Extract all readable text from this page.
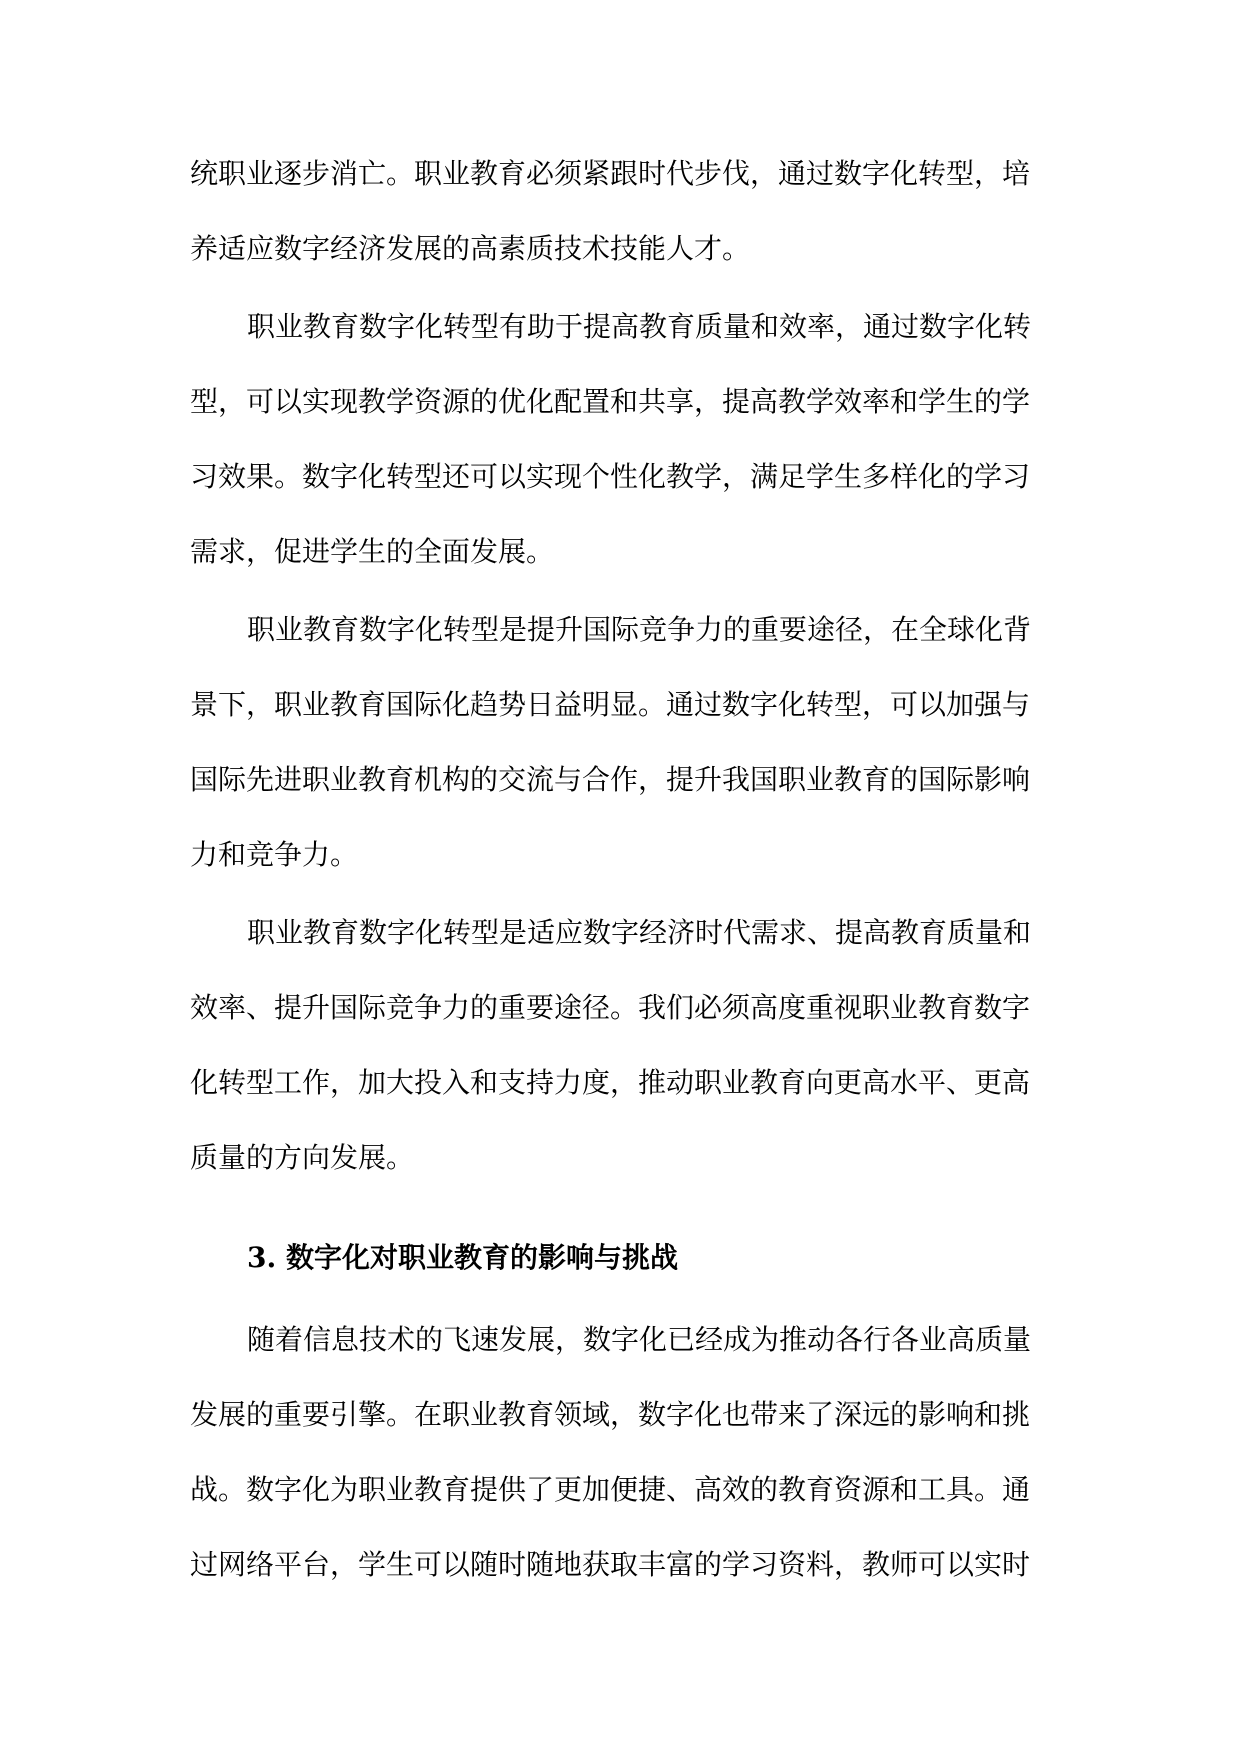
统职业逐步消亡。职业教育必须紧跟时代步伐，通过数字化转型，培
养适应数字经济发展的高素质技术技能人才。
职业教育数字化转型有助于提高教育质量和效率，通过数字化转
型，可以实现教学资源的优化配置和共享，提高教学效率和学生的学
习效果。数字化转型还可以实现个性化教学，满足学生多样化的学习
需求，促进学生的全面发展。
职业教育数字化转型是提升国际竞争力的重要途径，在全球化背
景下，职业教育国际化趋势日益明显。通过数字化转型，可以加强与
国际先进职业教育机构的交流与合作，提升我国职业教育的国际影响
力和竞争力。
职业教育数字化转型是适应数字经济时代需求、提高教育质量和
效率、提升国际竞争力的重要途径。我们必须高度重视职业教育数字
化转型工作，加大投入和支持力度，推动职业教育向更高水平、更高
质量的方向发展。
3. 数字化对职业教育的影响与挑战
随着信息技术的飞速发展，数字化已经成为推动各行各业高质量
发展的重要引擎。在职业教育领域，数字化也带来了深远的影响和挑
战。数字化为职业教育提供了更加便捷、高效的教育资源和工具。通
过网络平台，学生可以随时随地获取丰富的学习资料，教师可以实时
